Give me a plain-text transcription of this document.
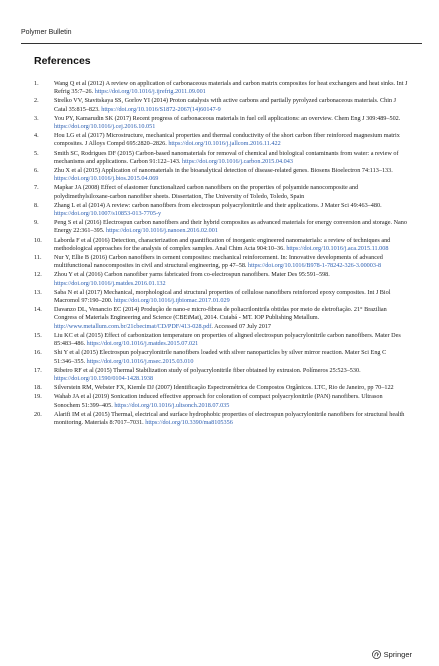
Polymer Bulletin
References
1.	Wang Q et al (2012) A review on application of carbonaceous materials and carbon matrix composites for heat exchangers and heat sinks. Int J Refrig 35:7–26. https://doi.org/10.1016/j.ijrefrig.2011.09.001
2.	Strelko VV, Stavitskaya SS, Gorlov YI (2014) Proton catalysis with active carbons and partially pyrolyzed carbonaceous materials. Chin J Catal 35:815–823. https://doi.org/10.1016/S1872-2067(14)60147-9
3.	You PY, Kamarudin SK (2017) Recent progress of carbonaceous materials in fuel cell applications: an overview. Chem Eng J 309:489–502. https://doi.org/10.1016/j.cej.2016.10.051
4.	Hou LG et al (2017) Microstructure, mechanical properties and thermal conductivity of the short carbon fiber reinforced magnesium matrix composites. J Alloys Compd 695:2820–2826. https://doi.org/10.1016/j.jallcom.2016.11.422
5.	Smith SC, Rodrigues DF (2015) Carbon-based nanomaterials for removal of chemical and biological contaminants from water: a review of mechanisms and applications. Carbon 91:122–143. https://doi.org/10.1016/j.carbon.2015.04.043
6.	Zhu X et al (2015) Application of nanomaterials in the bioanalytical detection of disease-related genes. Biosens Bioelectron 74:113–133. https://doi.org/10.1016/j.bios.2015.04.069
7.	Mapkar JA (2008) Effect of elastomer functionalized carbon nanofibers on the properties of polyamide nanocomposite and polydimethylsiloxane-carbon nanofiber sheets. Dissertation, The University of Toledo, Toledo, Spain
8.	Zhang L et al (2014) A review: carbon nanofibers from electrospun polyacrylonitrile and their applications. J Mater Sci 49:463–480. https://doi.org/10.1007/s10853-013-7705-y
9.	Peng S et al (2016) Electrospun carbon nanofibers and their hybrid composites as advanced materials for energy conversion and storage. Nano Energy 22:361–395. https://doi.org/10.1016/j.nanoen.2016.02.001
10.	Laborda F et al (2016) Detection, characterization and quantification of inorganic engineered nanomaterials: a review of techniques and methodological approaches for the analysis of complex samples. Anal Chim Acta 904:10–36. https://doi.org/10.1016/j.aca.2015.11.008
11.	Nur Y, Ellie B (2016) Carbon nanofibers in cement composites: mechanical reinforcement. In: Innovative developments of advanced multifunctional nanocomposites in civil and structural engineering, pp 47–58. https://doi.org/10.1016/B978-1-78242-326-3.00003-8
12.	Zhou Y et al (2016) Carbon nanofiber yarns fabricated from co-electrospun nanofibers. Mater Des 95:591–598. https://doi.org/10.1016/j.matdes.2016.01.132
13.	Saba N et al (2017) Mechanical, morphological and structural properties of cellulose nanofibers reinforced epoxy composites. Int J Biol Macromol 97:190–200. https://doi.org/10.1016/j.ijbiomac.2017.01.029
14.	Davanzo DL, Venancio EC (2014) Produção de nano-e micro-fibras de poliacrilonitrila obtidas por meio de eletrofiação. 21° Brazilian Congress of Materials Engineering and Science (CBEiMat), 2014. Cuiabá - MT. IOP Publishing Metallum. http://www.metallum.com.br/21cbecimat/CD/PDF/413-028.pdf. Accessed 07 July 2017
15.	Liu KC et al (2015) Effect of carbonization temperature on properties of aligned electrospun polyacrylonitrile carbon nanofibers. Mater Des 85:483–486. https://doi.org/10.1016/j.matdes.2015.07.021
16.	Shi Y et al (2015) Electrospun polyacrylonitrile nanofibers loaded with silver nanoparticles by silver mirror reaction. Mater Sci Eng C 51:346–355. https://doi.org/10.1016/j.msec.2015.03.010
17.	Ribeiro RF et al (2015) Thermal Stabilization study of polyacrylonitrile fiber obtained by extrusion. Polímeros 25:523–530. https://doi.org/10.1590/0104-1428.1938
18.	Silverstein RM, Webster FX, Kiemle DJ (2007) Identificação Espectrométrica de Compostos Orgânicos. LTC, Rio de Janeiro, pp 70–122
19.	Wahab JA et al (2019) Sonication induced effective approach for coloration of compact polyacrylonitrile (PAN) nanofibers. Ultrason Sonochem 51:399–405. https://doi.org/10.1016/j.ultsonch.2018.07.035
20.	Alarifi IM et al (2015) Thermal, electrical and surface hydrophobic properties of electrospun polyacrylonitrile nanofibers for structural health monitoring. Materials 8:7017–7031. https://doi.org/10.3390/ma8105356
Springer
